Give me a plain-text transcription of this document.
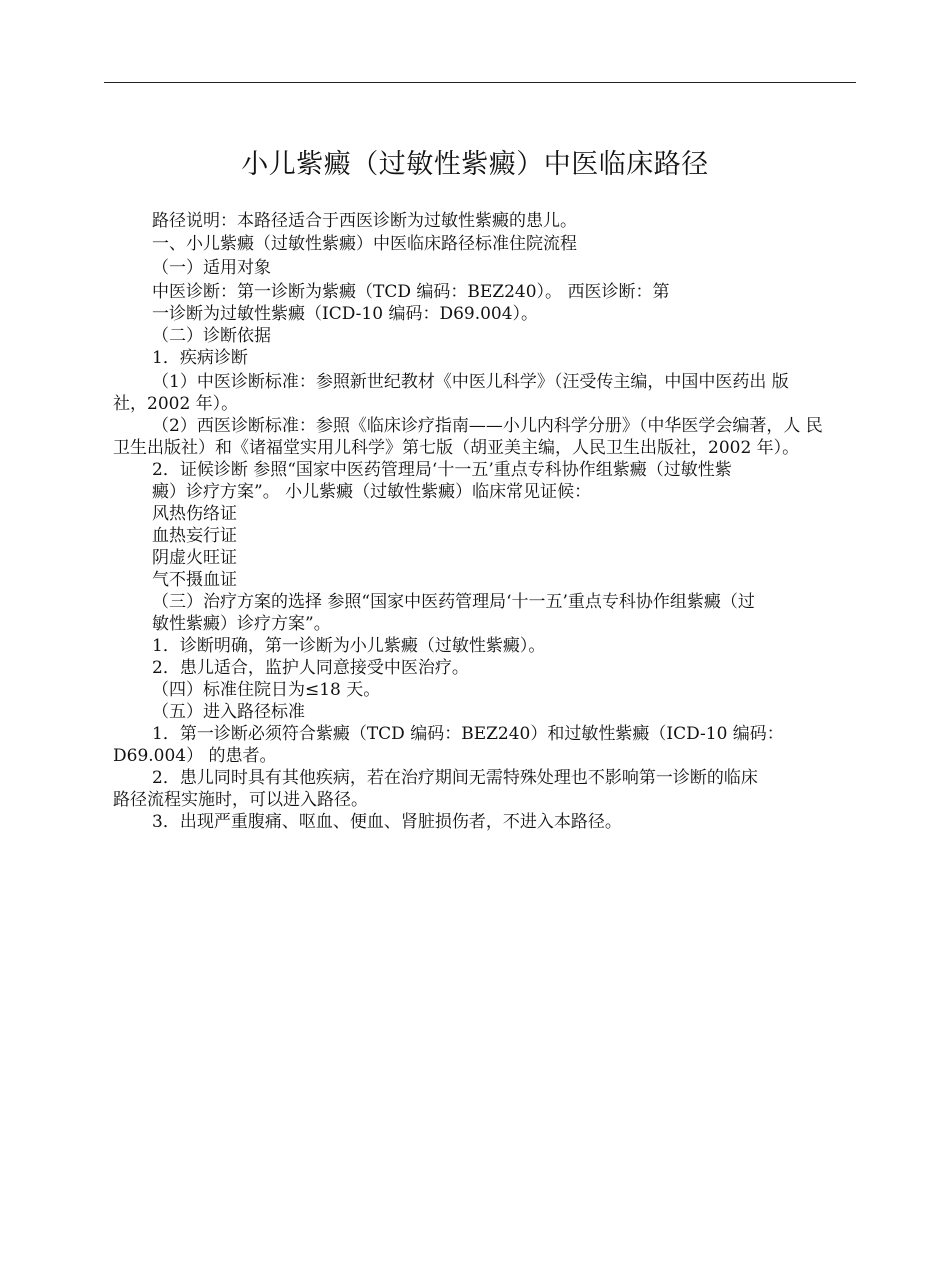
小儿紫癜（过敏性紫癜）中医临床路径
路径说明：本路径适合于西医诊断为过敏性紫癜的患儿。
一、小儿紫癜（过敏性紫癜）中医临床路径标准住院流程
（一）适用对象
中医诊断：第一诊断为紫癜（TCD 编码：BEZ240）。 西医诊断：第
一诊断为过敏性紫癜（ICD-10 编码：D69.004）。
（二）诊断依据
1．疾病诊断
（1）中医诊断标准：参照新世纪教材《中医儿科学》（汪受传主编，中国中医药出 版
社，2002 年）。
（2）西医诊断标准：参照《临床诊疗指南——小儿内科学分册》（中华医学会编著，人 民
卫生出版社）和《诸福堂实用儿科学》第七版（胡亚美主编，人民卫生出版社，2002 年）。
2．证候诊断 参照“国家中医药管理局‘十一五’重点专科协作组紫癜（过敏性紫
癜）诊疗方案”。 小儿紫癜（过敏性紫癜）临床常见证候：
风热伤络证
血热妄行证
阴虚火旺证
气不摄血证
（三）治疗方案的选择 参照“国家中医药管理局‘十一五’重点专科协作组紫癜（过
敏性紫癜）诊疗方案”。
1．诊断明确，第一诊断为小儿紫癜（过敏性紫癜）。
2．患儿适合，监护人同意接受中医治疗。
（四）标准住院日为≤18 天。
（五）进入路径标准
1．第一诊断必须符合紫癜（TCD 编码：BEZ240）和过敏性紫癜（ICD-10 编码：
D69.004） 的患者。
2．患儿同时具有其他疾病，若在治疗期间无需特殊处理也不影响第一诊断的临床
路径流程实施时，可以进入路径。
3．出现严重腹痛、呕血、便血、肾脏损伤者，不进入本路径。
